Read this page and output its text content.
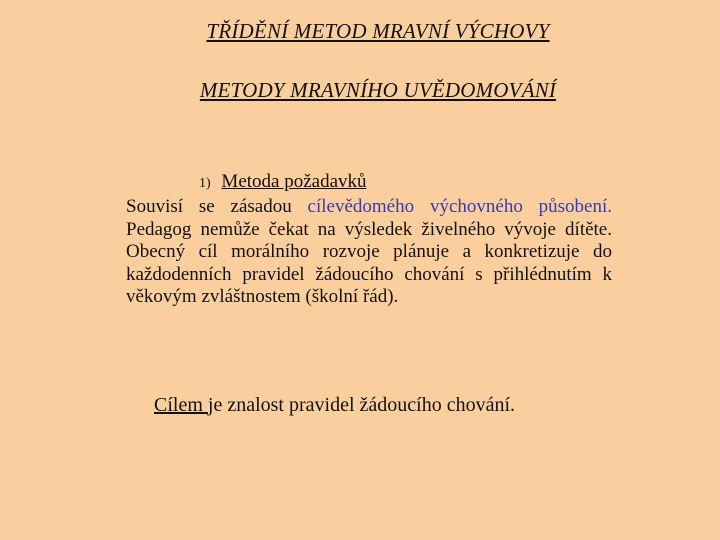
TŘÍDĚNÍ METOD MRAVNÍ VÝCHOVY
METODY MRAVNÍHO UVĚDOMOVÁNÍ
1) Metoda požadavků
Souvisí se zásadou cílevědomého výchovného působení. Pedagog nemůže čekat na výsledek živelného vývoje dítěte. Obecný cíl morálního rozvoje plánuje a konkretizuje do každodenních pravidel žádoucího chování s přihlédnutím k věkovým zvláštnostem (školní řád).
Cílem je znalost pravidel žádoucího chování.
